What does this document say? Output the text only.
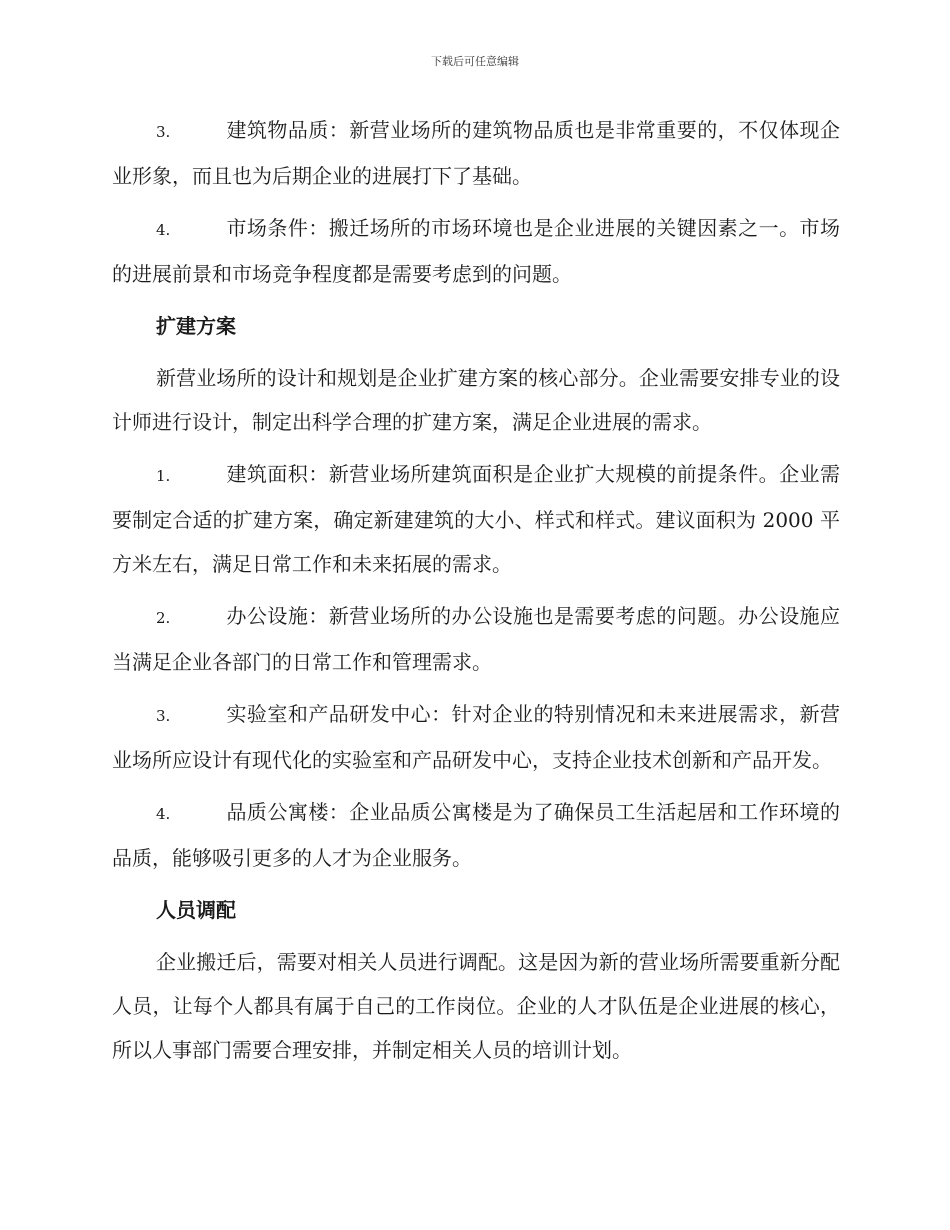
下载后可任意编辑

3.	建筑物品质：新营业场所的建筑物品质也是非常重要的，不仅体现企业形象，而且也为后期企业的进展打下了基础。

4.	市场条件：搬迁场所的市场环境也是企业进展的关键因素之一。市场的进展前景和市场竞争程度都是需要考虑到的问题。

扩建方案

新营业场所的设计和规划是企业扩建方案的核心部分。企业需要安排专业的设计师进行设计，制定出科学合理的扩建方案，满足企业进展的需求。

1.	建筑面积：新营业场所建筑面积是企业扩大规模的前提条件。企业需要制定合适的扩建方案，确定新建建筑的大小、样式和样式。建议面积为 2000 平方米左右，满足日常工作和未来拓展的需求。

2.	办公设施：新营业场所的办公设施也是需要考虑的问题。办公设施应当满足企业各部门的日常工作和管理需求。

3.	实验室和产品研发中心：针对企业的特别情况和未来进展需求，新营业场所应设计有现代化的实验室和产品研发中心，支持企业技术创新和产品开发。

4.	品质公寓楼：企业品质公寓楼是为了确保员工生活起居和工作环境的品质，能够吸引更多的人才为企业服务。

人员调配

企业搬迁后，需要对相关人员进行调配。这是因为新的营业场所需要重新分配人员，让每个人都具有属于自己的工作岗位。企业的人才队伍是企业进展的核心，所以人事部门需要合理安排，并制定相关人员的培训计划。
